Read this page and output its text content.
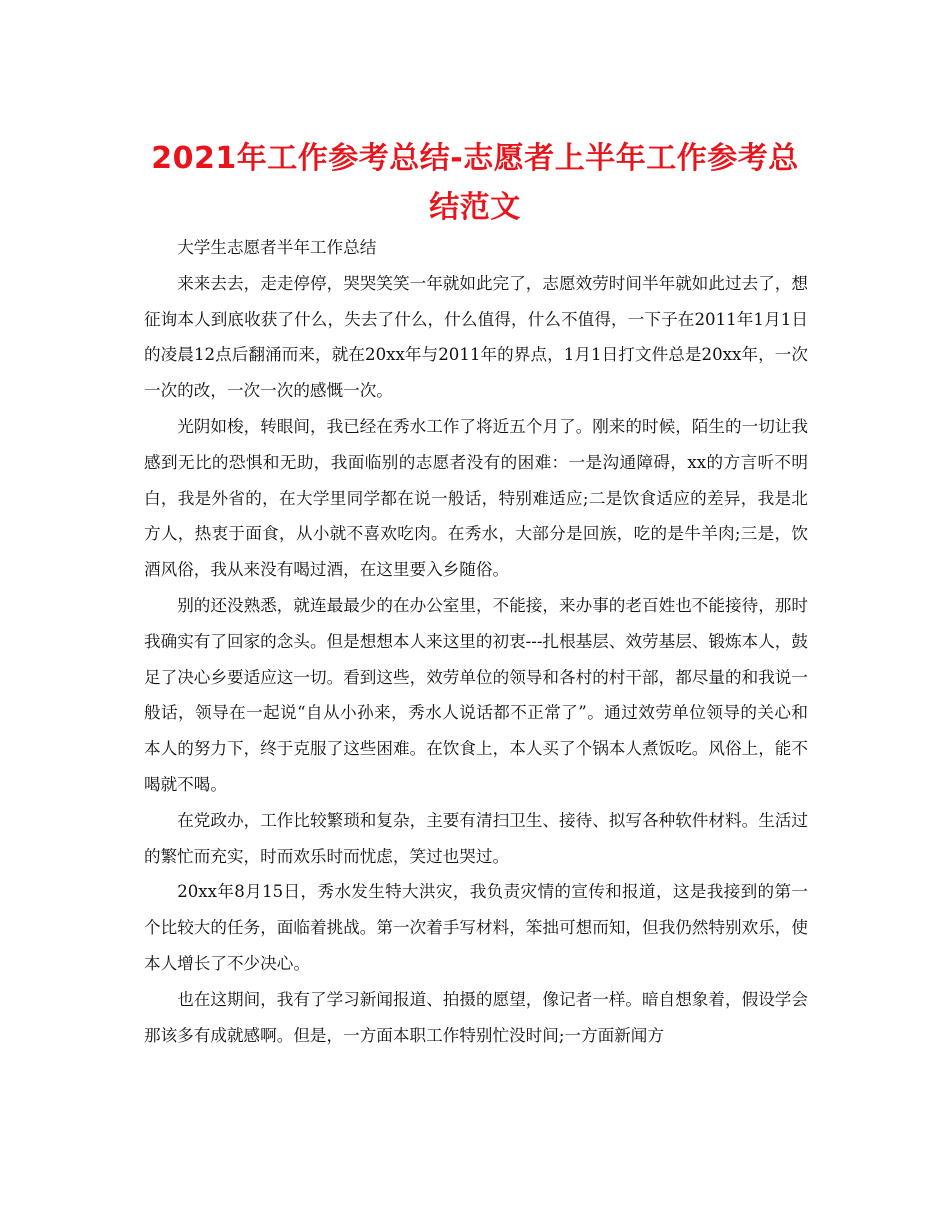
2021年工作参考总结-志愿者上半年工作参考总结范文

大学生志愿者半年工作总结

来来去去，走走停停，哭哭笑笑一年就如此完了，志愿效劳时间半年就如此过去了，想征询本人到底收获了什么，失去了什么，什么值得，什么不值得，一下子在2011年1月1日的凌晨12点后翻涌而来，就在20xx年与2011年的界点，1月1日打文件总是20xx年，一次一次的改，一次一次的感慨一次。

光阴如梭，转眼间，我已经在秀水工作了将近五个月了。刚来的时候，陌生的一切让我感到无比的恐惧和无助，我面临别的志愿者没有的困难：一是沟通障碍，xx的方言听不明白，我是外省的，在大学里同学都在说一般话，特别难适应;二是饮食适应的差异，我是北方人，热衷于面食，从小就不喜欢吃肉。在秀水，大部分是回族，吃的是牛羊肉;三是，饮酒风俗，我从来没有喝过酒，在这里要入乡随俗。

别的还没熟悉，就连最最少的在办公室里，不能接，来办事的老百姓也不能接待，那时我确实有了回家的念头。但是想想本人来这里的初衷---扎根基层、效劳基层、锻炼本人，鼓足了决心乡要适应这一切。看到这些，效劳单位的领导和各村的村干部，都尽量的和我说一般话，领导在一起说“自从小孙来，秀水人说话都不正常了”。通过效劳单位领导的关心和本人的努力下，终于克服了这些困难。在饮食上，本人买了个锅本人煮饭吃。风俗上，能不喝就不喝。

在党政办，工作比较繁琐和复杂，主要有清扫卫生、接待、拟写各种软件材料。生活过的繁忙而充实，时而欢乐时而忧虑，笑过也哭过。

20xx年8月15日，秀水发生特大洪灾，我负责灾情的宣传和报道，这是我接到的第一个比较大的任务，面临着挑战。第一次着手写材料，笨拙可想而知，但我仍然特别欢乐，使本人增长了不少决心。

也在这期间，我有了学习新闻报道、拍摄的愿望，像记者一样。暗自想象着，假设学会那该多有成就感啊。但是，一方面本职工作特别忙没时间;一方面新闻方
